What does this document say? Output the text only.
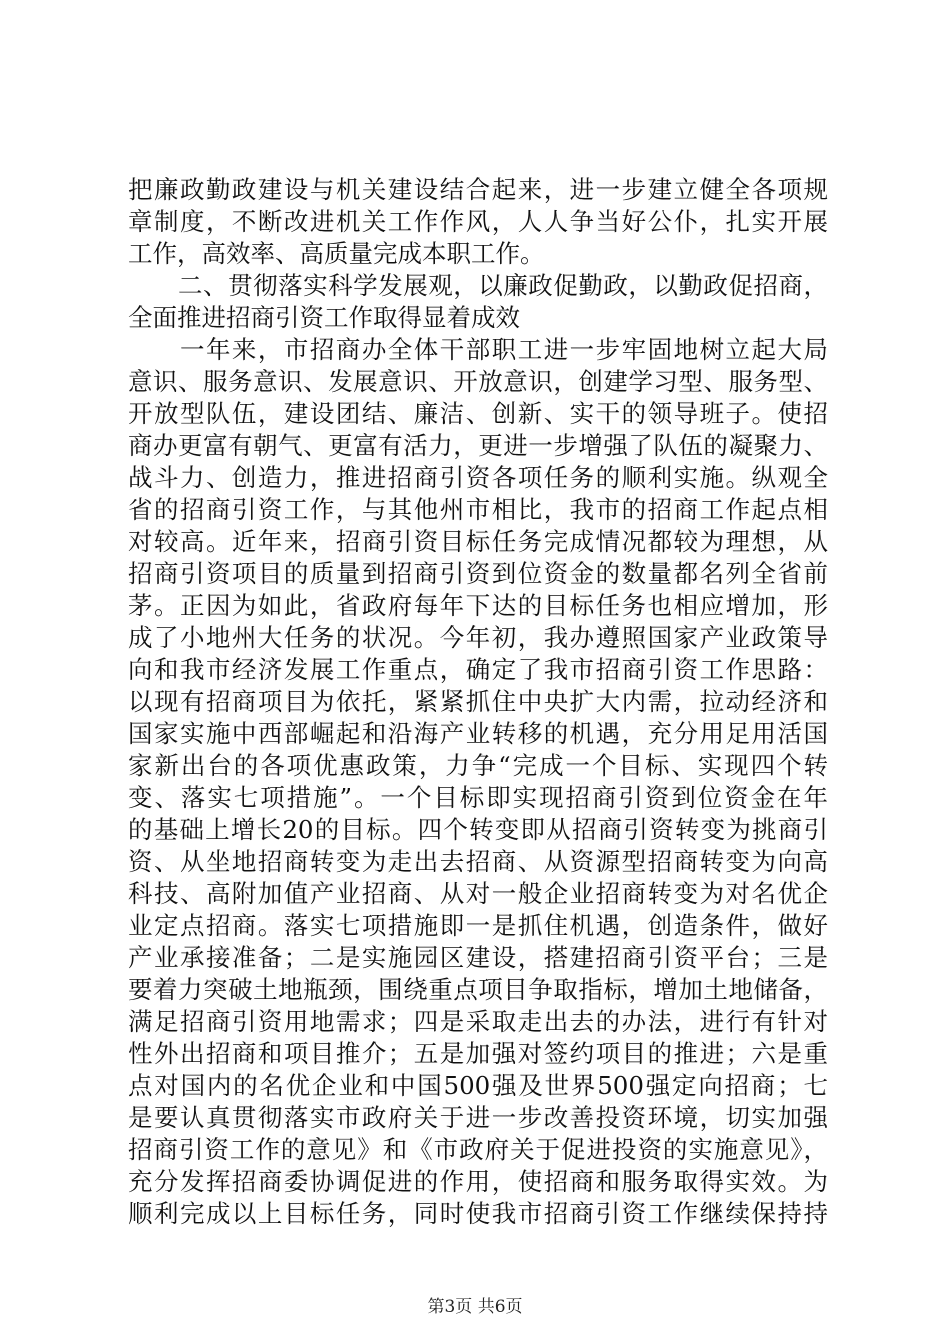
把廉政勤政建设与机关建设结合起来，进一步建立健全各项规
章制度，不断改进机关工作作风，人人争当好公仆，扎实开展
工作，高效率、高质量完成本职工作。
　　二、贯彻落实科学发展观，以廉政促勤政，以勤政促招商，
全面推进招商引资工作取得显着成效
　　一年来，市招商办全体干部职工进一步牢固地树立起大局
意识、服务意识、发展意识、开放意识，创建学习型、服务型、
开放型队伍，建设团结、廉洁、创新、实干的领导班子。使招
商办更富有朝气、更富有活力，更进一步增强了队伍的凝聚力、
战斗力、创造力，推进招商引资各项任务的顺利实施。纵观全
省的招商引资工作，与其他州市相比，我市的招商工作起点相
对较高。近年来，招商引资目标任务完成情况都较为理想，从
招商引资项目的质量到招商引资到位资金的数量都名列全省前
茅。正因为如此，省政府每年下达的目标任务也相应增加，形
成了小地州大任务的状况。今年初，我办遵照国家产业政策导
向和我市经济发展工作重点，确定了我市招商引资工作思路：
以现有招商项目为依托，紧紧抓住中央扩大内需，拉动经济和
国家实施中西部崛起和沿海产业转移的机遇，充分用足用活国
家新出台的各项优惠政策，力争“完成一个目标、实现四个转
变、落实七项措施”。一个目标即实现招商引资到位资金在年
的基础上增长20的目标。四个转变即从招商引资转变为挑商引
资、从坐地招商转变为走出去招商、从资源型招商转变为向高
科技、高附加值产业招商、从对一般企业招商转变为对名优企
业定点招商。落实七项措施即一是抓住机遇，创造条件，做好
产业承接准备；二是实施园区建设，搭建招商引资平台；三是
要着力突破土地瓶颈，围绕重点项目争取指标，增加土地储备，
满足招商引资用地需求；四是采取走出去的办法，进行有针对
性外出招商和项目推介；五是加强对签约项目的推进；六是重
点对国内的名优企业和中国500强及世界500强定向招商；七
是要认真贯彻落实市政府关于进一步改善投资环境，切实加强
招商引资工作的意见》和《市政府关于促进投资的实施意见》，
充分发挥招商委协调促进的作用，使招商和服务取得实效。为
顺利完成以上目标任务，同时使我市招商引资工作继续保持持
第3页 共6页
